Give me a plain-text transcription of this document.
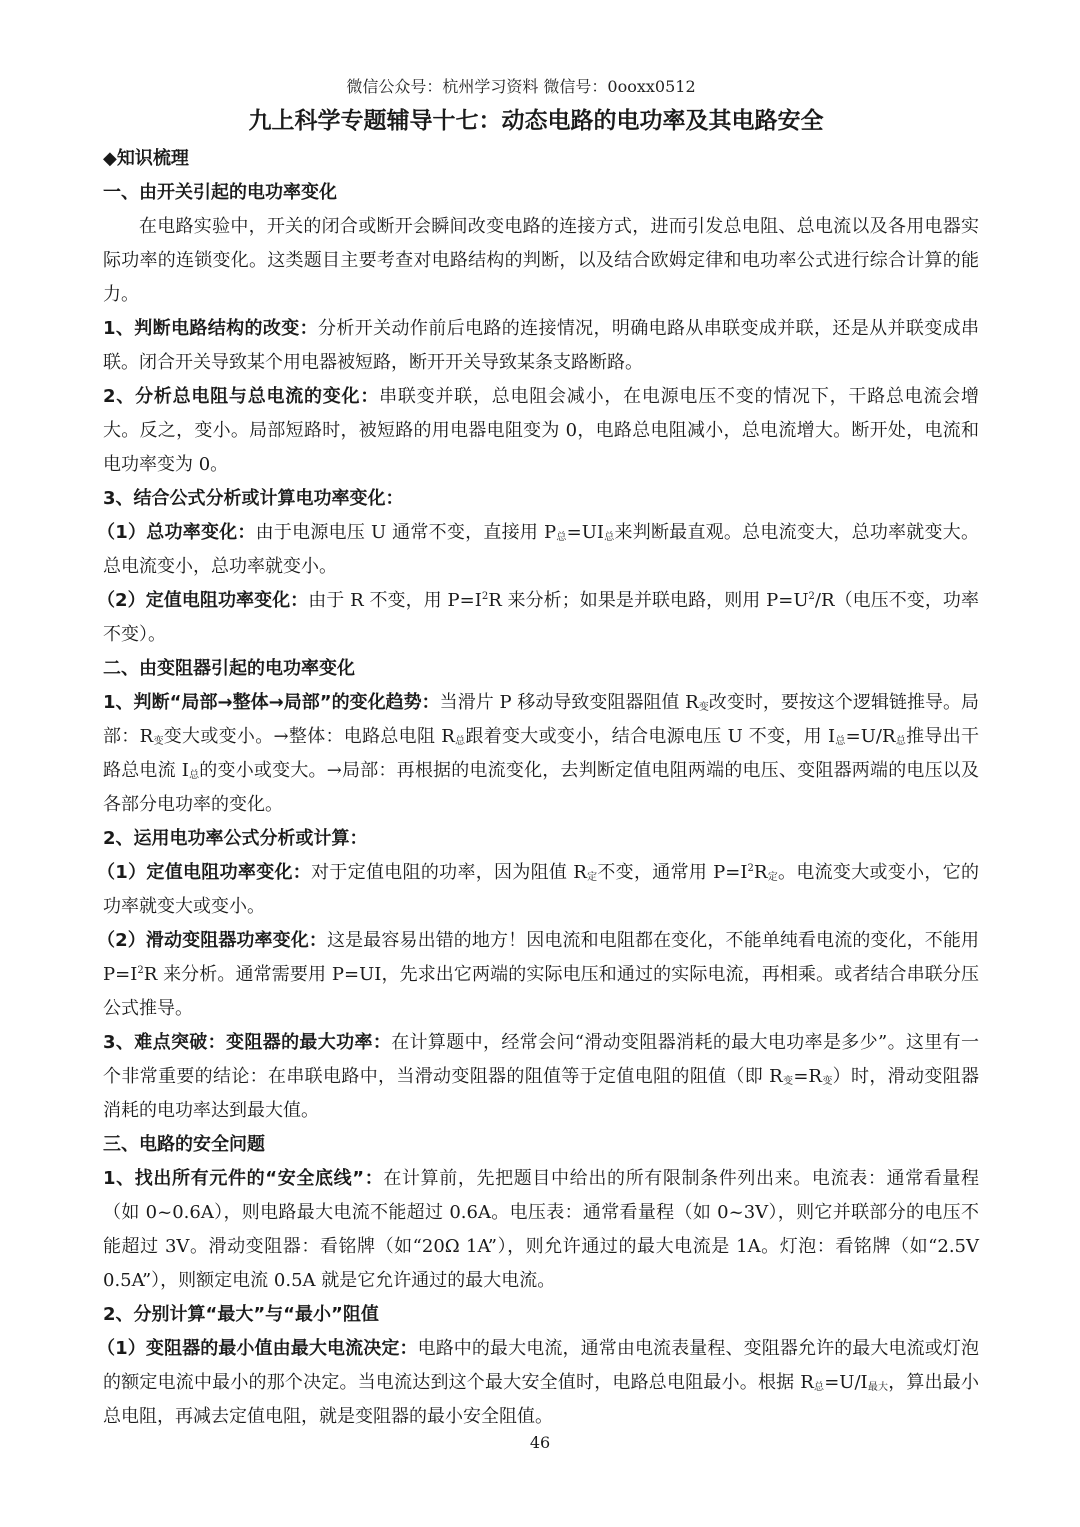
微信公众号：杭州学习资料 微信号：0ooxx0512
九上科学专题辅导十七：动态电路的电功率及其电路安全
◆知识梳理
一、由开关引起的电功率变化

在电路实验中，开关的闭合或断开会瞬间改变电路的连接方式，进而引发总电阻、总电流以及各用电器实际功率的连锁变化。这类题目主要考查对电路结构的判断，以及结合欧姆定律和电功率公式进行综合计算的能力。

1、判断电路结构的改变：分析开关动作前后电路的连接情况，明确电路从串联变成并联，还是从并联变成串联。闭合开关导致某个用电器被短路，断开开关导致某条支路断路。

2、分析总电阻与总电流的变化：串联变并联，总电阻会减小，在电源电压不变的情况下，干路总电流会增大。反之，变小。局部短路时，被短路的用电器电阻变为 0，电路总电阻减小，总电流增大。断开处，电流和电功率变为 0。

3、结合公式分析或计算电功率变化：

（1）总功率变化：由于电源电压 U 通常不变，直接用 $P_总=UI_总$来判断最直观。总电流变大，总功率就变大。总电流变小，总功率就变小。

（2）定值电阻功率变化：由于 R 不变，用 $P=I^2R$ 来分析；如果是并联电路，则用 $P=U^2/R$（电压不变，功率不变）。

二、由变阻器引起的电功率变化

1、判断“局部→整体→局部”的变化趋势：当滑片 P 移动导致变阻器阻值 $R_变$改变时，要按这个逻辑链推导。局部：$R_变$变大或变小。→整体：电路总电阻 $R_总$跟着变大或变小，结合电源电压 U 不变，用 $I_总=U/R_总$推导出干路总电流 $I_总$的变小或变大。→局部：再根据的电流变化，去判断定值电阻两端的电压、变阻器两端的电压以及各部分电功率的变化。

2、运用电功率公式分析或计算：

（1）定值电阻功率变化：对于定值电阻的功率，因为阻值 $R_定$不变，通常用 $P=I^2R_定$。电流变大或变小，它的功率就变大或变小。

（2）滑动变阻器功率变化：这是最容易出错的地方！因电流和电阻都在变化，不能单纯看电流的变化，不能用 $P=I^2R$ 来分析。通常需要用 P=UI，先求出它两端的实际电压和通过的实际电流，再相乘。或者结合串联分压公式推导。

3、难点突破：变阻器的最大功率：在计算题中，经常会问“滑动变阻器消耗的最大电功率是多少”。这里有一个非常重要的结论：在串联电路中，当滑动变阻器的阻值等于定值电阻的阻值（即 $R_变=R_变$）时，滑动变阻器消耗的电功率达到最大值。

三、电路的安全问题

1、找出所有元件的“安全底线”：在计算前，先把题目中给出的所有限制条件列出来。电流表：通常看量程（如 0~0.6A），则电路最大电流不能超过 0.6A。电压表：通常看量程（如 0~3V），则它并联部分的电压不能超过 3V。滑动变阻器：看铭牌（如“20Ω 1A”），则允许通过的最大电流是 1A。灯泡：看铭牌（如“2.5V 0.5A”），则额定电流 0.5A 就是它允许通过的最大电流。

2、分别计算“最大”与“最小”阻值

（1）变阻器的最小值由最大电流决定：电路中的最大电流，通常由电流表量程、变阻器允许的最大电流或灯泡的额定电流中最小的那个决定。当电流达到这个最大安全值时，电路总电阻最小。根据 $R_总=U/I_{最大}$，算出最小总电阻，再减去定值电阻，就是变阻器的最小安全阻值。

46
